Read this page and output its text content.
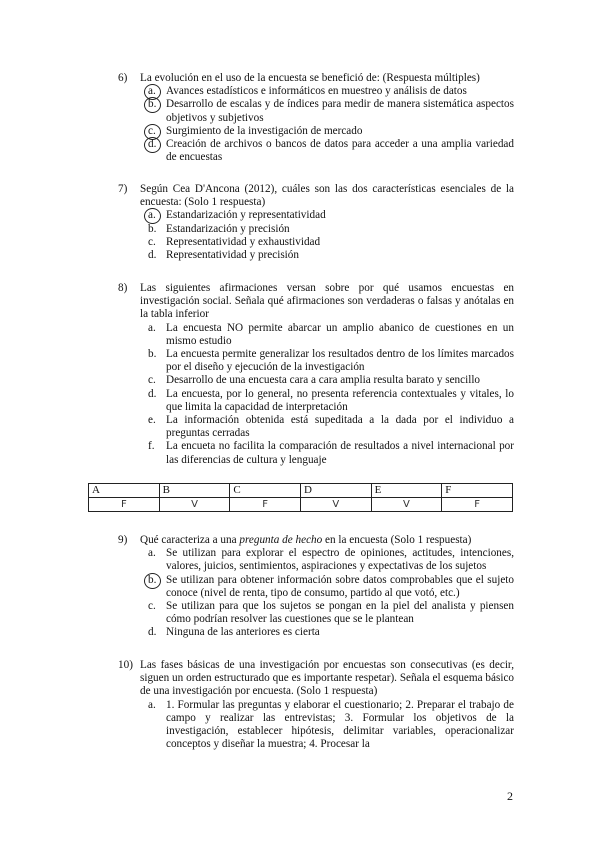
6)	La evolución en el uso de la encuesta se benefició de: (Respuesta múltiples)
a. Avances estadísticos e informáticos en muestreo y análisis de datos
b. Desarrollo de escalas y de índices para medir de manera sistemática aspectos objetivos y subjetivos
c. Surgimiento de la investigación de mercado
d. Creación de archivos o bancos de datos para acceder a una amplia variedad de encuestas
7)	Según Cea D'Ancona (2012), cuáles son las dos características esenciales de la encuesta: (Solo 1 respuesta)
a. Estandarización y representatividad
b. Estandarización y precisión
c. Representatividad y exhaustividad
d. Representatividad y precisión
8)	Las siguientes afirmaciones versan sobre por qué usamos encuestas en investigación social. Señala qué afirmaciones son verdaderas o falsas y anótalas en la tabla inferior
a. La encuesta NO permite abarcar un amplio abanico de cuestiones en un mismo estudio
b. La encuesta permite generalizar los resultados dentro de los límites marcados por el diseño y ejecución de la investigación
c. Desarrollo de una encuesta cara a cara amplia resulta barato y sencillo
d. La encuesta, por lo general, no presenta referencia contextuales y vitales, lo que limita la capacidad de interpretación
e. La información obtenida está supeditada a la dada por el individuo a preguntas cerradas
f.	La encueta no facilita la comparación de resultados a nivel internacional por las diferencias de cultura y lenguaje
A	B	C	D	E	F
F	V	F	V	V	F
9)	Qué caracteriza a una pregunta de hecho en la encuesta (Solo 1 respuesta)
a. Se utilizan para explorar el espectro de opiniones, actitudes, intenciones, valores, juicios, sentimientos, aspiraciones y expectativas de los sujetos
b. Se utilizan para obtener información sobre datos comprobables que el sujeto conoce (nivel de renta, tipo de consumo, partido al que votó, etc.)
c. Se utilizan para que los sujetos se pongan en la piel del analista y piensen cómo podrían resolver las cuestiones que se le plantean
d. Ninguna de las anteriores es cierta
10) Las fases básicas de una investigación por encuestas son consecutivas (es decir, siguen un orden estructurado que es importante respetar). Señala el esquema básico de una investigación por encuesta. (Solo 1 respuesta)
a. 1. Formular las preguntas y elaborar el cuestionario; 2. Preparar el trabajo de campo y realizar las entrevistas; 3. Formular los objetivos de la investigación, establecer hipótesis, delimitar variables, operacionalizar conceptos y diseñar la muestra; 4. Procesar la
2
